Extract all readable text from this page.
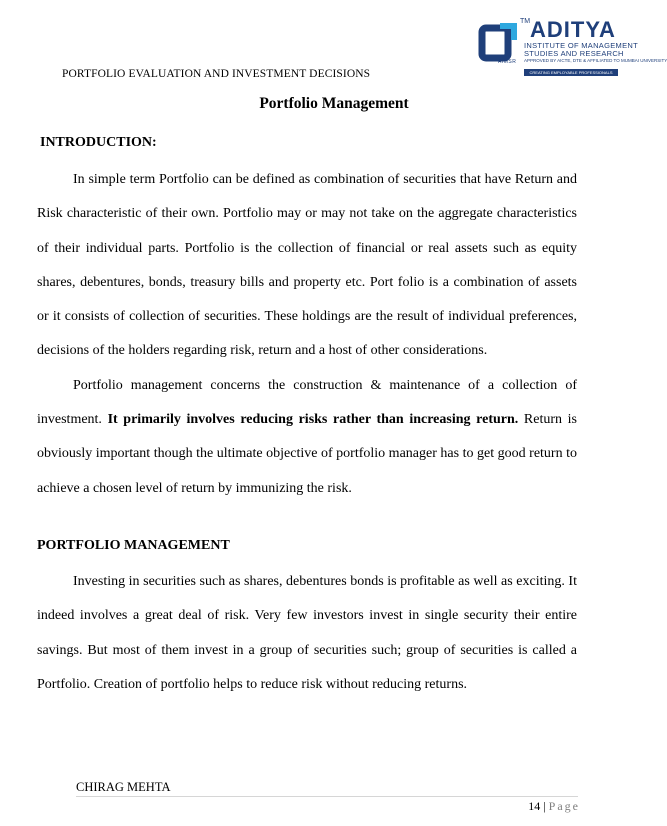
PORTFOLIO EVALUATION AND INVESTMENT DECISIONS
TM ADITYA
INSTITUTE OF MANAGEMENT
STUDIES AND RESEARCH
APPROVED BY AICTE, DTE & AFFILIATED TO MUMBAI UNIVERSITY
AIMSR
CREATING EMPLOYABLE PROFESSIONALS
Portfolio Management
INTRODUCTION:

In simple term Portfolio can be defined as combination of securities that have Return and Risk characteristic of their own. Portfolio may or may not take on the aggregate characteristics of their individual parts. Portfolio is the collection of financial or real assets such as equity shares, debentures, bonds, treasury bills and property etc. Port folio is a combination of assets or it consists of collection of securities. These holdings are the result of individual preferences, decisions of the holders regarding risk, return and a host of other considerations.

Portfolio management concerns the construction & maintenance of a collection of investment. It primarily involves reducing risks rather than increasing return. Return is obviously important though the ultimate objective of portfolio manager has to get good return to achieve a chosen level of return by immunizing the risk.

PORTFOLIO MANAGEMENT

Investing in securities such as shares, debentures bonds is profitable as well as exciting. It indeed involves a great deal of risk. Very few investors invest in single security their entire savings. But most of them invest in a group of securities such; group of securities is called a Portfolio. Creation of portfolio helps to reduce risk without reducing returns.

CHIRAG MEHTA
14 | Page
